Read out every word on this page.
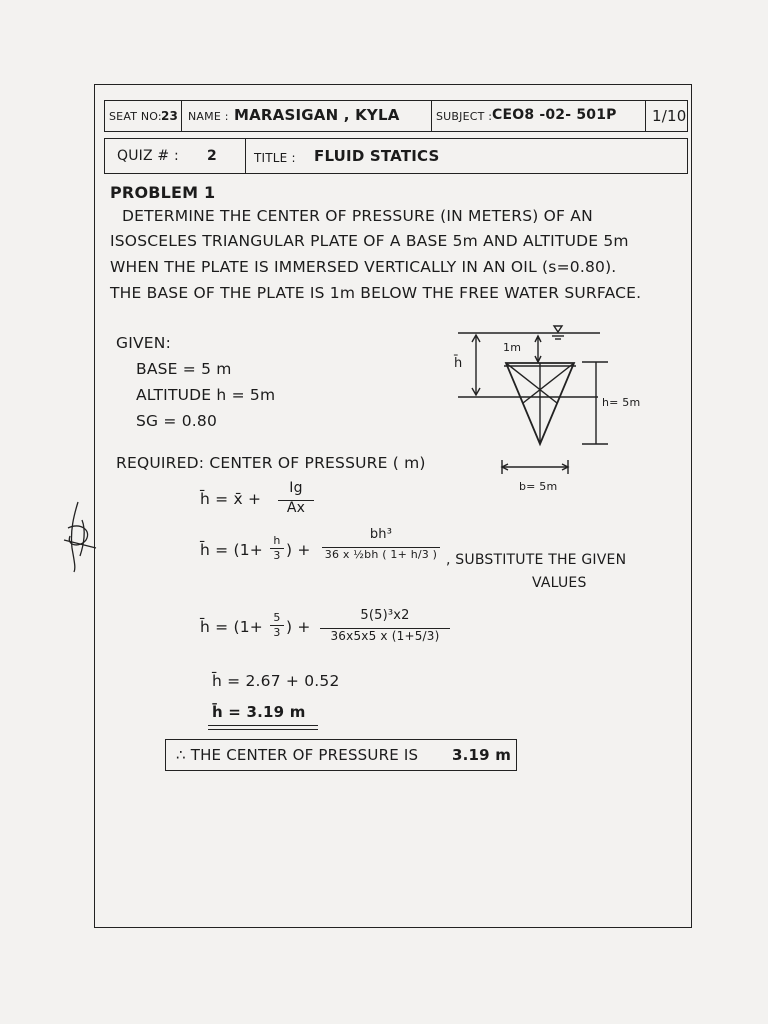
SEAT NO: 23 NAME : MARASIGAN , KYLA	SUBJECT : CEO8 -02- 501P 1/10
QUIZ # : 2	TITLE : FLUID STATICS
PROBLEM 1
DETERMINE THE CENTER OF PRESSURE (IN METERS) OF AN
ISOSCELES TRIANGULAR PLATE OF A BASE 5m AND ALTITUDE 5m
WHEN THE PLATE IS IMMERSED VERTICALLY IN AN OIL (s=0.80).
THE BASE OF THE PLATE IS 1m BELOW THE FREE WATER SURFACE.
GIVEN:
BASE = 5 m
ALTITUDE h = 5m
SG = 0.80
1m
h̄
h= 5m
b= 5m
REQUIRED: CENTER OF PRESSURE ( m)
h̄ = x̄ +
Ig
Ax
h̄ = (1+
h
3 ) +
bh³
36 x ½bh ( 1+ h/3 ) , SUBSTITUTE THE GIVEN
VALUES
h̄ = (1+
5
3 ) +
5(5)³x2
36x5x5 x (1+5/3)
h̄ = 2.67 + 0.52
h̄ = 3.19 m
∴ THE CENTER OF PRESSURE IS 3.19 m
